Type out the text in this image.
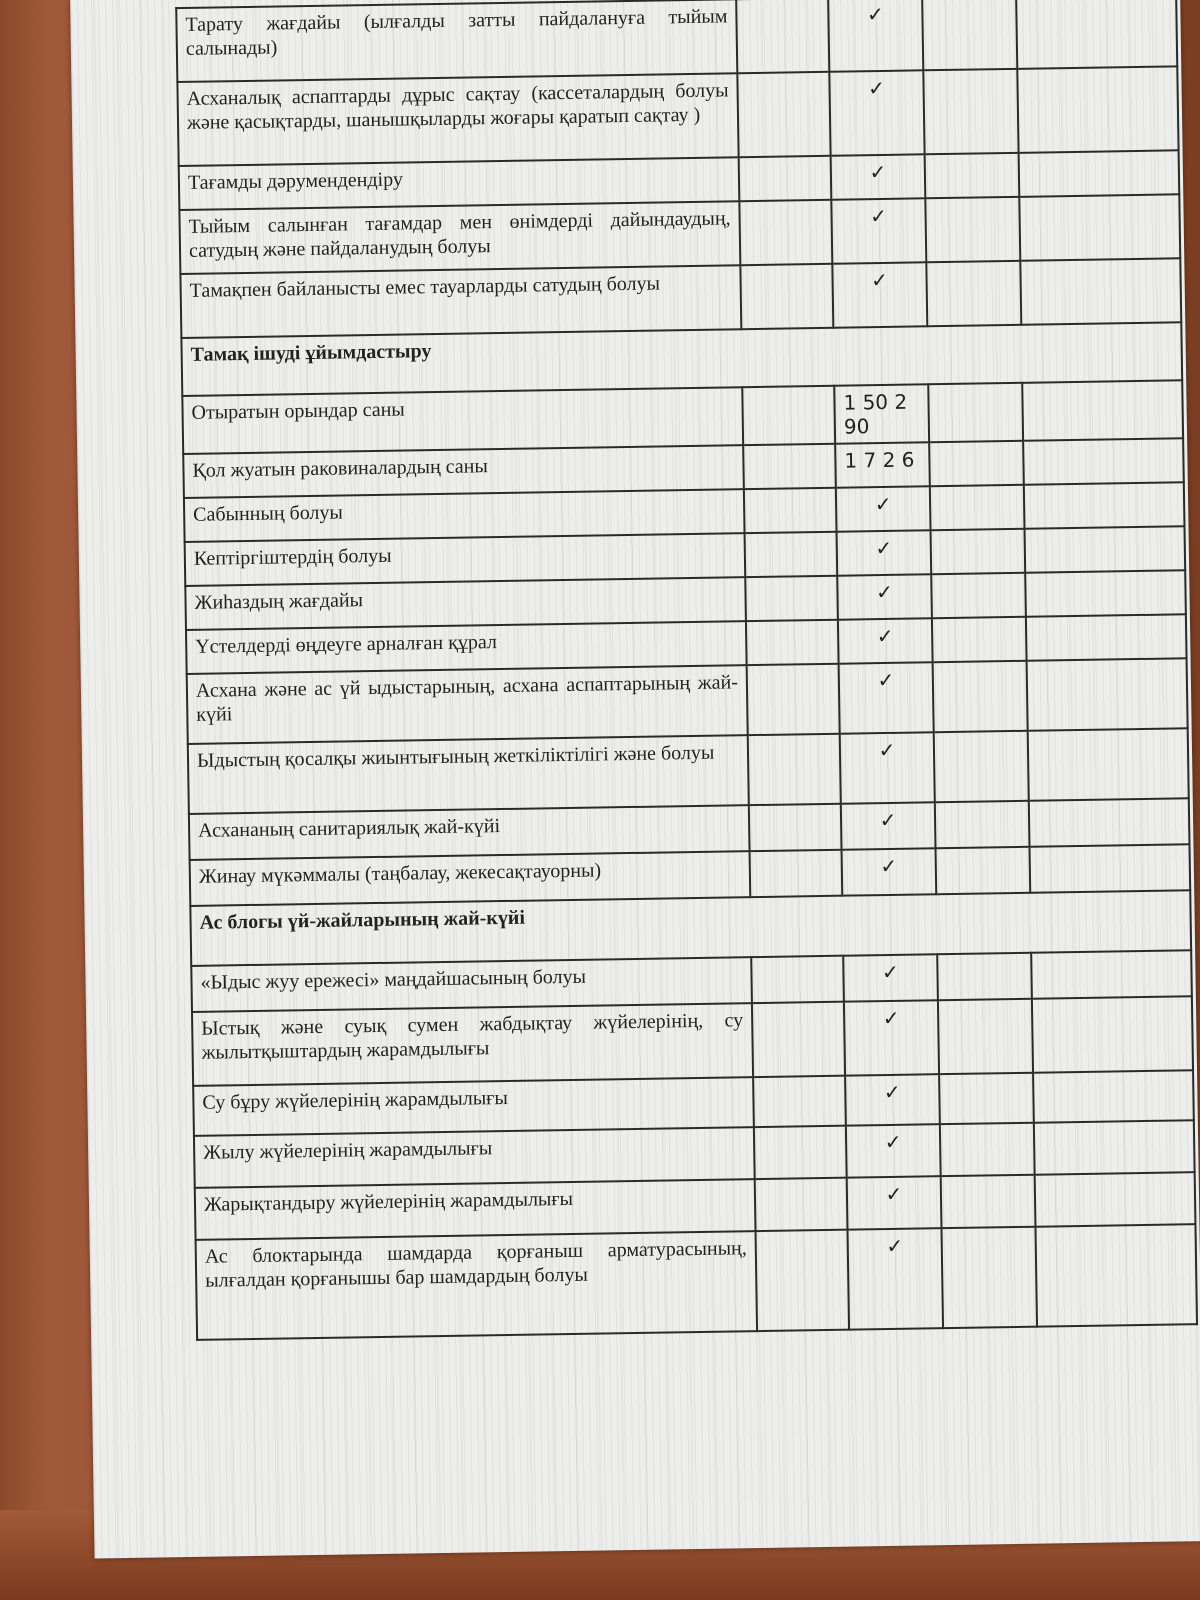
Тарату жағдайы (ылғалды затты пайдалануға тыйым салынады)		✓		
Асханалық аспаптарды дұрыс сақтау (кассеталардың болуы және қасықтарды, шанышқыларды жоғары қаратып сақтау )		✓		
Тағамды дәрумендендіру		✓		
Тыйым салынған тағамдар мен өнімдерді дайындаудың, сатудың және пайдаланудың болуы		✓		
Тамақпен байланысты емес тауарларды сатудың болуы		✓		
Тамақ ішуді ұйымдастыру				
Отыратын орындар саны		1 50 2 90		
Қол жуатын раковиналардың саны		1 7 2 6		
Сабынның болуы		✓		
Кептіргіштердің болуы		✓		
Жиһаздың жағдайы		✓		
Үстелдерді өңдеуге арналған құрал		✓		
Асхана және ас үй ыдыстарының, асхана аспаптарының жай-күйі		✓		
Ыдыстың қосалқы жиынтығының жеткіліктілігі және болуы		✓		
Асхананың санитариялық жай-күйі		✓		
Жинау мүкәммалы (таңбалау, жекесақтауорны)		✓		
Ас блогы үй-жайларының жай-күйі				
«Ыдыс жуу ережесі» маңдайшасының болуы		✓		
Ыстық және суық сумен жабдықтау жүйелерінің, су жылытқыштардың жарамдылығы		✓		
Су бұру жүйелерінің жарамдылығы		✓		
Жылу жүйелерінің жарамдылығы		✓		
Жарықтандыру жүйелерінің жарамдылығы		✓		
Ас блоктарында шамдарда қорғаныш арматурасының, ылғалдан қорғанышы бар шамдардың болуы		✓		
